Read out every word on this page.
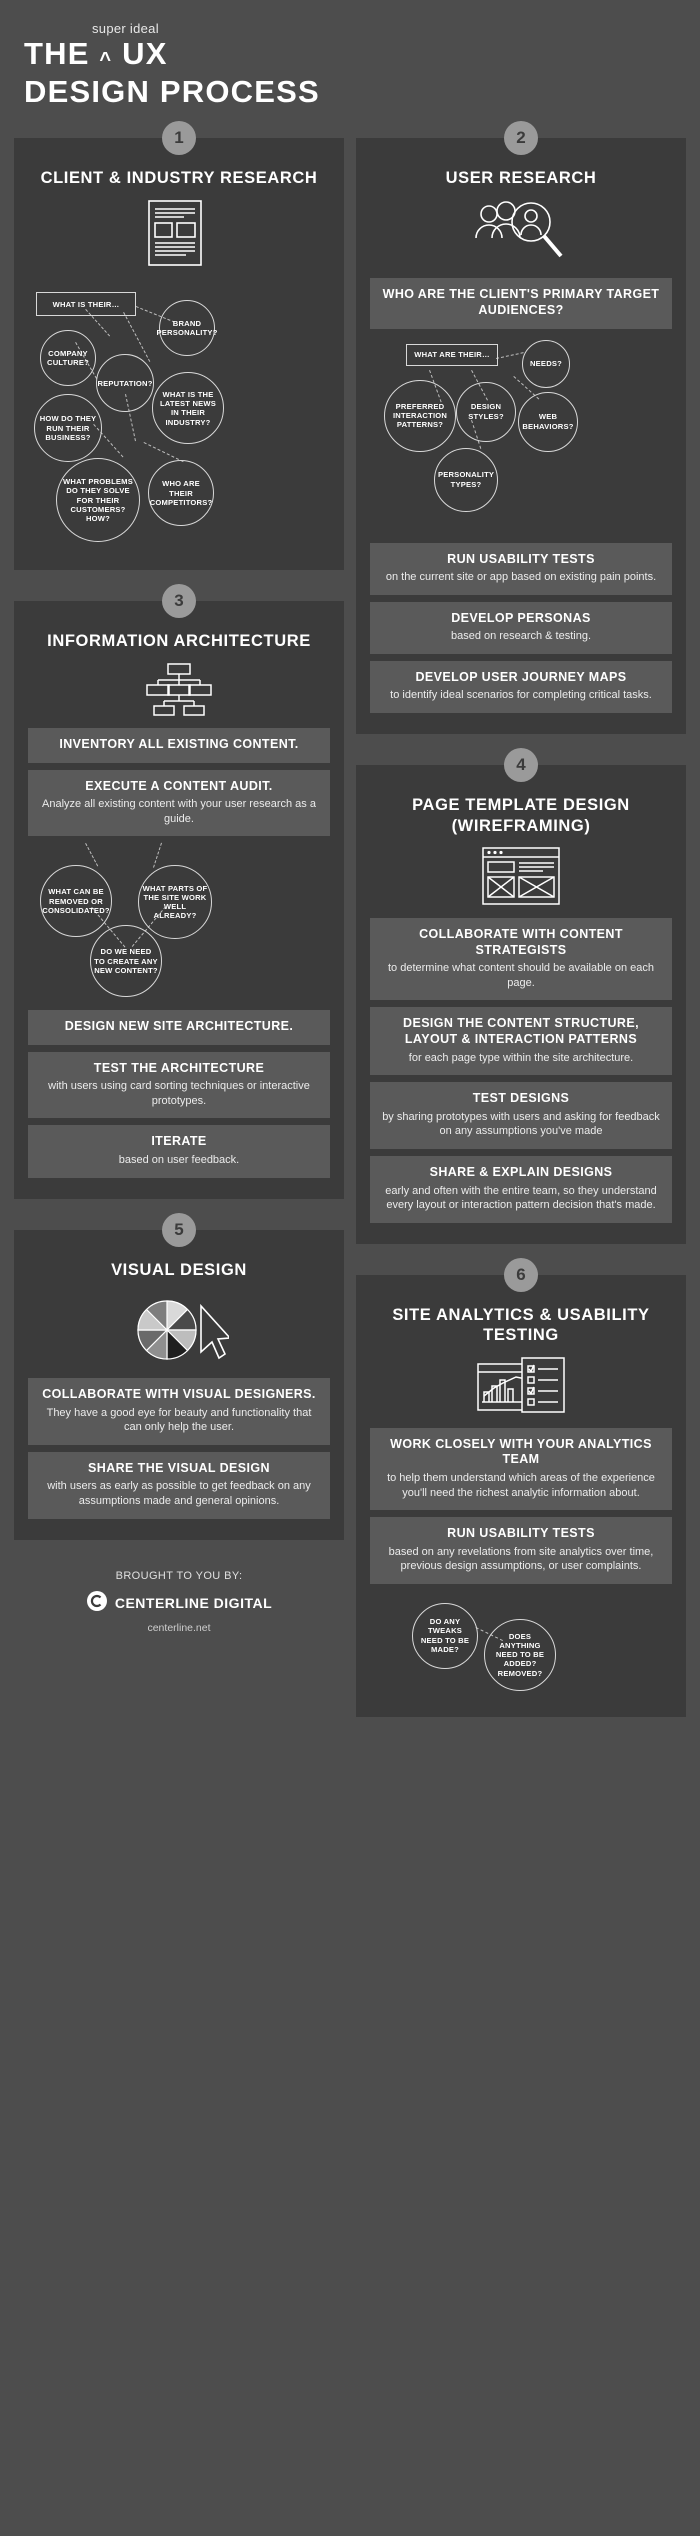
super ideal
THE ^ UX
DESIGN PROCESS
1
CLIENT & INDUSTRY RESEARCH
WHAT IS THEIR…
BRAND PERSONALITY?
COMPANY CULTURE?
REPUTATION?
WHAT IS THE LATEST NEWS IN THEIR INDUSTRY?
HOW DO THEY RUN THEIR BUSINESS?
WHAT PROBLEMS DO THEY SOLVE FOR THEIR CUSTOMERS? HOW?
WHO ARE THEIR COMPETITORS?
3
INFORMATION ARCHITECTURE
INVENTORY ALL EXISTING CONTENT.
EXECUTE A CONTENT AUDIT.
Analyze all existing content with your user research as a guide.
WHAT CAN BE REMOVED OR CONSOLIDATED?
WHAT PARTS OF THE SITE WORK WELL ALREADY?
DO WE NEED TO CREATE ANY NEW CONTENT?
DESIGN NEW SITE ARCHITECTURE.
TEST THE ARCHITECTURE
with users using card sorting techniques or interactive prototypes.
ITERATE
based on user feedback.
5
VISUAL DESIGN
COLLABORATE WITH VISUAL DESIGNERS.
They have a good eye for beauty and functionality that can only help the user.
SHARE THE VISUAL DESIGN
with users as early as possible to get feedback on any assumptions made and general opinions.
BROUGHT TO YOU BY:
CENTERLINE DIGITAL
centerline.net
2
USER RESEARCH
WHO ARE THE CLIENT'S PRIMARY TARGET AUDIENCES?
WHAT ARE THEIR…
NEEDS?
PREFERRED INTERACTION PATTERNS?
DESIGN STYLES?	WEB BEHAVIORS?
PERSONALITY TYPES?
RUN USABILITY TESTS
on the current site or app based on existing pain points.
DEVELOP PERSONAS
based on research & testing.
DEVELOP USER JOURNEY MAPS
to identify ideal scenarios for completing critical tasks.
4
PAGE TEMPLATE DESIGN (WIREFRAMING)
COLLABORATE WITH CONTENT STRATEGISTS
to determine what content should be available on each page.
DESIGN THE CONTENT STRUCTURE, LAYOUT & INTERACTION PATTERNS
for each page type within the site architecture.
TEST DESIGNS
by sharing prototypes with users and asking for feedback on any assumptions you've made
SHARE & EXPLAIN DESIGNS
early and often with the entire team, so they understand every layout or interaction pattern decision that's made.
6
SITE ANALYTICS & USABILITY TESTING
WORK CLOSELY WITH YOUR ANALYTICS TEAM
to help them understand which areas of the experience you'll need the richest analytic information about.
RUN USABILITY TESTS
based on any revelations from site analytics over time, previous design assumptions, or user complaints.
DO ANY TWEAKS NEED TO BE MADE?
DOES ANYTHING NEED TO BE ADDED? REMOVED?
